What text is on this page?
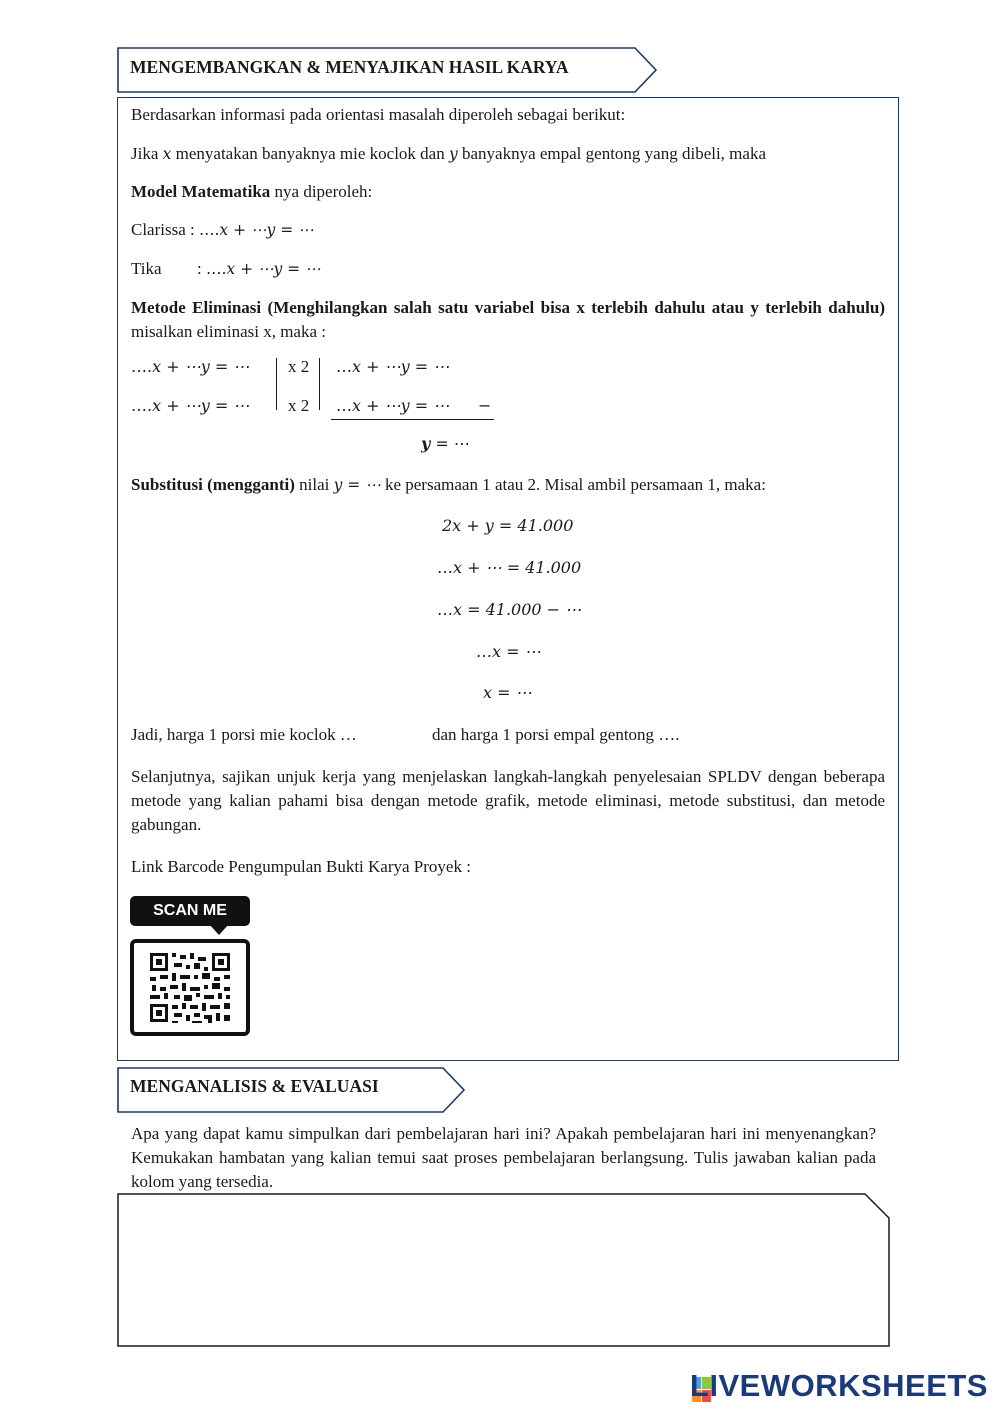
MENGEMBANGKAN & MENYAJIKAN HASIL KARYA
Berdasarkan informasi pada orientasi masalah diperoleh sebagai berikut:
Jika x menyatakan banyaknya mie koclok dan y banyaknya empal gentong yang dibeli, maka
Model Matematika nya diperoleh:
Clarissa : ….x + ⋯y = ⋯
Tika : ….x + ⋯y = ⋯
Metode Eliminasi (Menghilangkan salah satu variabel bisa x terlebih dahulu atau y terlebih dahulu) misalkan eliminasi x, maka :
….x + ⋯y = ⋯
….x + ⋯y = ⋯
x 2
x 2
…x + ⋯y = ⋯
…x + ⋯y = ⋯ −
y = ⋯
Substitusi (mengganti) nilai y = ⋯ ke persamaan 1 atau 2. Misal ambil persamaan 1, maka:
2x + y = 41.000
…x + ⋯ = 41.000
…x = 41.000 − ⋯
…x = ⋯
x = ⋯
Jadi, harga 1 porsi mie koclok …	dan harga 1 porsi empal gentong ….
Selanjutnya, sajikan unjuk kerja yang menjelaskan langkah-langkah penyelesaian SPLDV dengan beberapa metode yang kalian pahami bisa dengan metode grafik, metode eliminasi, metode substitusi, dan metode gabungan.
Link Barcode Pengumpulan Bukti Karya Proyek :
SCAN ME
MENGANALISIS & EVALUASI
Apa yang dapat kamu simpulkan dari pembelajaran hari ini? Apakah pembelajaran hari ini menyenangkan? Kemukakan hambatan yang kalian temui saat proses pembelajaran berlangsung. Tulis jawaban kalian pada kolom yang tersedia.
LIVEWORKSHEETS
